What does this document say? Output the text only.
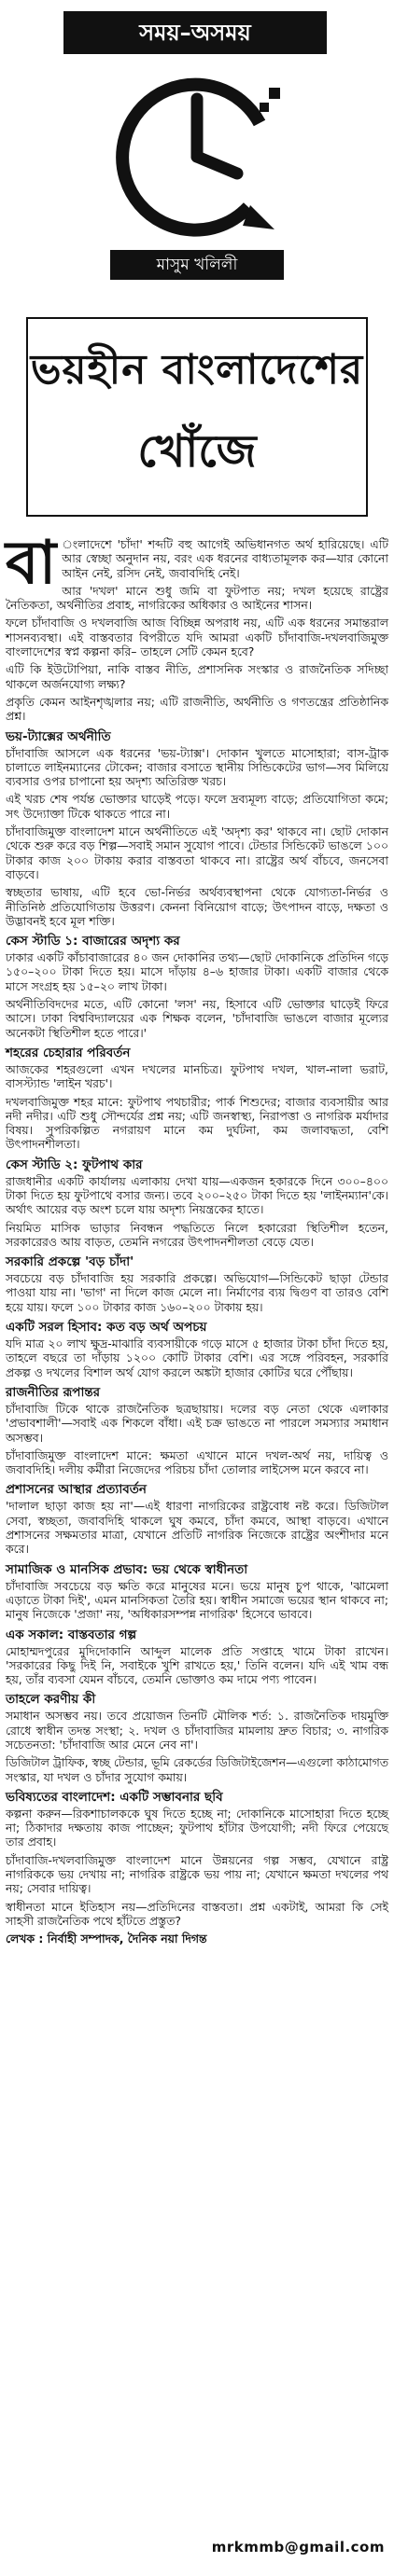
সময়–অসময়
মাসুম খলিলী
ভয়হীন বাংলাদেশের
খোঁজে

বা ংলাদেশে 'চাঁদা' শব্দটি বহু আগেই অভিধানগত অর্থ হারিয়েছে। এটি আর স্বেচ্ছা অনুদান নয়, বরং এক ধরনের বাধ্যতামূলক কর—যার কোনো আইন নেই, রসিদ নেই, জবাবদিহি নেই।

আর 'দখল' মানে শুধু জমি বা ফুটপাত নয়; দখল হয়েছে রাষ্ট্রের নৈতিকতা, অর্থনীতির প্রবাহ, নাগরিকের অধিকার ও আইনের শাসন।

ফলে চাঁদাবাজি ও দখলবাজি আজ বিচ্ছিন্ন অপরাধ নয়, এটি এক ধরনের সমান্তরাল শাসনব্যবস্থা। এই বাস্তবতার বিপরীতে যদি আমরা একটি চাঁদাবাজি-দখলবাজিমুক্ত বাংলাদেশের স্বপ্ন কল্পনা করি– তাহলে সেটি কেমন হবে?

এটি কি ইউটোপিয়া, নাকি বাস্তব নীতি, প্রশাসনিক সংস্কার ও রাজনৈতিক সদিচ্ছা থাকলে অর্জনযোগ্য লক্ষ্য?

প্রকৃতি কেমন আইনশৃঙ্খলার নয়; এটি রাজনীতি, অর্থনীতি ও গণতন্ত্রের প্রতিষ্ঠানিক প্রশ্ন।

ভয়-ট্যাক্সের অর্থনীতি

চাঁদাবাজি আসলে এক ধরনের 'ভয়-ট্যাক্স'। দোকান খুলতে মাসোহারা; বাস-ট্রাক চালাতে লাইনম্যানের টোকেন; বাজার বসাতে স্থানীয় সিন্ডিকেটের ভাগ—সব মিলিয়ে ব্যবসার ওপর চাপানো হয় অদৃশ্য অতিরিক্ত খরচ।

এই খরচ শেষ পর্যন্ত ভোক্তার ঘাড়েই পড়ে। ফলে দ্রব্যমূল্য বাড়ে; প্রতিযোগিতা কমে; সৎ উদ্যোক্তা টিকে থাকতে পারে না।

চাঁদাবাজিমুক্ত বাংলাদেশ মানে অর্থনীতিতে এই 'অদৃশ্য কর' থাকবে না। ছোট দোকান থেকে শুরু করে বড় শিল্প—সবাই সমান সুযোগ পাবে। টেন্ডার সিন্ডিকেট ভাঙলে ১০০ টাকার কাজ ২০০ টাকায় করার বাস্তবতা থাকবে না। রাষ্ট্রের অর্থ বাঁচবে, জনসেবা বাড়বে।

স্বচ্ছতার ভাষায়, এটি হবে ভো-নির্ভর অর্থব্যবস্থাপনা থেকে যোগ্যতা-নির্ভর ও নীতিনিষ্ঠ প্রতিযোগিতায় উত্তরণ। কেননা বিনিয়োগ বাড়ে; উৎপাদন বাড়ে, দক্ষতা ও উদ্ভাবনই হবে মূল শক্তি।

কেস স্টাডি ১: বাজারের অদৃশ্য কর

ঢাকার একটি কাঁচাবাজারের ৪০ জন দোকানির তথ্য—ছোট দোকানিকে প্রতিদিন গড়ে ১৫০–২০০ টাকা দিতে হয়। মাসে দাঁড়ায় ৪–৬ হাজার টাকা। একটি বাজার থেকে মাসে সংগ্রহ হয় ১৫–২০ লাখ টাকা।

অর্থনীতিবিদদের মতে, এটি কোনো 'লস' নয়, হিসাবে এটি ভোক্তার ঘাড়েই ফিরে আসে। ঢাকা বিশ্ববিদ্যালয়ের এক শিক্ষক বলেন, 'চাঁদাবাজি ভাঙলে বাজার মূল্যের অনেকটা স্থিতিশীল হতে পারে।'

শহরের চেহারার পরিবর্তন

আজকের শহরগুলো এখন দখলের মানচিত্র। ফুটপাথ দখল, খাল-নালা ভরাট, বাসস্ট্যান্ড 'লাইন খরচ'।

দখলবাজিমুক্ত শহর মানে: ফুটপাথ পথচারীর; পার্ক শিশুদের; বাজার ব্যবসায়ীর আর নদী নদীর। এটি শুধু সৌন্দর্যের প্রশ্ন নয়; এটি জনস্বাস্থ্য, নিরাপত্তা ও নাগরিক মর্যাদার বিষয়। সুপরিকল্পিত নগরায়ণ মানে কম দুর্ঘটনা, কম জলাবদ্ধতা, বেশি উৎপাদনশীলতা।

কেস স্টাডি ২: ফুটপাথ কার

রাজধানীর একটি কার্যালয় এলাকায় দেখা যায়—একজন হকারকে দিনে ৩০০–৪০০ টাকা দিতে হয় ফুটপাথে বসার জন্য। তবে ২০০–২৫০ টাকা দিতে হয় 'লাইনম্যান'কে। অর্থাৎ আয়ের বড় অংশ চলে যায় অদৃশ্য নিয়ন্ত্রকের হাতে।

নিয়মিত মাসিক ভাড়ার নিবন্ধন পদ্ধতিতে নিলে হকারেরা স্থিতিশীল হতেন, সরকারেরও আয় বাড়ত, তেমনি নগরের উৎপাদনশীলতা বেড়ে যেত।

সরকারি প্রকল্পে 'বড় চাঁদা'

সবচেয়ে বড় চাঁদাবাজি হয় সরকারি প্রকল্পে। অভিযোগ—সিন্ডিকেট ছাড়া টেন্ডার পাওয়া যায় না। 'ভাগ' না দিলে কাজ মেলে না। নির্মাণের ব্যয় দ্বিগুণ বা তারও বেশি হয়ে যায়। ফলে ১০০ টাকার কাজ ১৬০–২০০ টাকায় হয়।

একটি সরল হিসাব: কত বড় অর্থ অপচয়

যদি মাত্র ২০ লাখ ক্ষুদ্র-মাঝারি ব্যবসায়ীকে গড়ে মাসে ৫ হাজার টাকা চাঁদা দিতে হয়, তাহলে বছরে তা দাঁড়ায় ১২০০ কোটি টাকার বেশি। এর সঙ্গে পরিবহন, সরকারি প্রকল্প ও দখলের বিশাল অর্থ যোগ করলে অঙ্কটা হাজার কোটির ঘরে পৌঁছায়।

রাজনীতির রূপান্তর

চাঁদাবাজি টিকে থাকে রাজনৈতিক ছত্রছায়ায়। দলের বড় নেতা থেকে এলাকার 'প্রভাবশালী'—সবাই এক শিকলে বাঁধা। এই চক্র ভাঙতে না পারলে সমস্যার সমাধান অসম্ভব।

চাঁদাবাজিমুক্ত বাংলাদেশ মানে: ক্ষমতা এখানে মানে দখল-অর্থ নয়, দায়িত্ব ও জবাবদিহি। দলীয় কর্মীরা নিজেদের পরিচয় চাঁদা তোলার লাইসেন্স মনে করবে না।

প্রশাসনের আস্থার প্রত্যাবর্তন

'দালাল ছাড়া কাজ হয় না'—এই ধারণা নাগরিকের রাষ্ট্রবোধ নষ্ট করে। ডিজিটাল সেবা, স্বচ্ছতা, জবাবদিহি থাকলে ঘুষ কমবে, চাঁদা কমবে, আস্থা বাড়বে। এখানে প্রশাসনের সক্ষমতার মাত্রা, যেখানে প্রতিটি নাগরিক নিজেকে রাষ্ট্রের অংশীদার মনে করে।

সামাজিক ও মানসিক প্রভাব: ভয় থেকে স্বাধীনতা

চাঁদাবাজি সবচেয়ে বড় ক্ষতি করে মানুষের মনে। ভয়ে মানুষ চুপ থাকে, 'ঝামেলা এড়াতে টাকা দিই', এমন মানসিকতা তৈরি হয়। স্বাধীন সমাজে ভয়ের স্থান থাকবে না; মানুষ নিজেকে 'প্রজা' নয়, 'অধিকারসম্পন্ন নাগরিক' হিসেবে ভাববে।

এক সকাল: বাস্তবতার গল্প

মোহাম্মদপুরের মুদিদোকানি আব্দুল মালেক প্রতি সপ্তাহে খামে টাকা রাখেন। 'সরকারের কিছু দিই নি, সবাইকে খুশি রাখতে হয়,' তিনি বলেন। যদি এই খাম বন্ধ হয়, তাঁর ব্যবসা যেমন বাঁচবে, তেমনি ভোক্তাও কম দামে পণ্য পাবেন।

তাহলে করণীয় কী

সমাধান অসম্ভব নয়। তবে প্রয়োজন তিনটি মৌলিক শর্ত: ১. রাজনৈতিক দায়মুক্তি রোধে স্বাধীন তদন্ত সংস্থা; ২. দখল ও চাঁদাবাজির মামলায় দ্রুত বিচার; ৩. নাগরিক সচেতনতা: 'চাঁদাবাজি আর মেনে নেব না'।

ডিজিটাল ট্রাফিক, স্বচ্ছ টেন্ডার, ভূমি রেকর্ডের ডিজিটাইজেশন—এগুলো কাঠামোগত সংস্কার, যা দখল ও চাঁদার সুযোগ কমায়।

ভবিষ্যতের বাংলাদেশ: একটি সম্ভাবনার ছবি

কল্পনা করুন—রিকশাচালককে ঘুষ দিতে হচ্ছে না; দোকানিকে মাসোহারা দিতে হচ্ছে না; ঠিকাদার দক্ষতায় কাজ পাচ্ছেন; ফুটপাথ হাঁটার উপযোগী; নদী ফিরে পেয়েছে তার প্রবাহ।

চাঁদাবাজি-দখলবাজিমুক্ত বাংলাদেশ মানে উন্নয়নের গল্প সম্ভব, যেখানে রাষ্ট্র নাগরিককে ভয় দেখায় না; নাগরিক রাষ্ট্রকে ভয় পায় না; যেখানে ক্ষমতা দখলের পথ নয়; সেবার দায়িত্ব।

স্বাধীনতা মানে ইতিহাস নয়—প্রতিদিনের বাস্তবতা। প্রশ্ন একটাই, আমরা কি সেই সাহসী রাজনৈতিক পথে হাঁটতে প্রস্তুত?

লেখক : নির্বাহী সম্পাদক, দৈনিক নয়া দিগন্ত

mrkmmb@gmail.com
